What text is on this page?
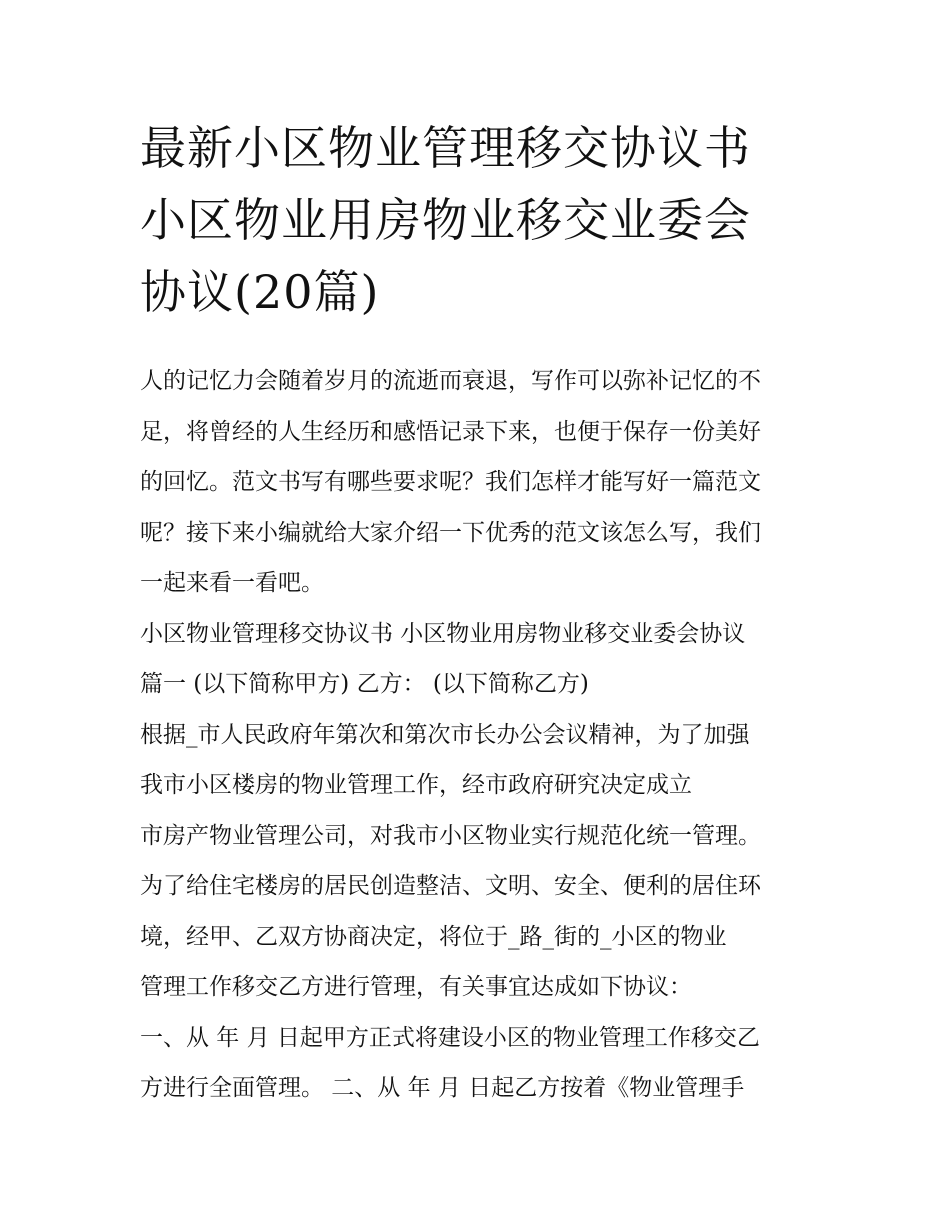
最新小区物业管理移交协议书
小区物业用房物业移交业委会
协议(20篇)
人的记忆力会随着岁月的流逝而衰退，写作可以弥补记忆的不
足，将曾经的人生经历和感悟记录下来，也便于保存一份美好
的回忆。范文书写有哪些要求呢？我们怎样才能写好一篇范文
呢？接下来小编就给大家介绍一下优秀的范文该怎么写，我们
一起来看一看吧。
小区物业管理移交协议书 小区物业用房物业移交业委会协议
篇一 (以下简称甲方) 乙方： (以下简称乙方)
根据_市人民政府年第次和第次市长办公会议精神，为了加强
我市小区楼房的物业管理工作，经市政府研究决定成立
市房产物业管理公司，对我市小区物业实行规范化统一管理。
为了给住宅楼房的居民创造整洁、文明、安全、便利的居住环
境，经甲、乙双方协商决定，将位于_路_街的_小区的物业
管理工作移交乙方进行管理，有关事宜达成如下协议：
一、从 年 月 日起甲方正式将建设小区的物业管理工作移交乙
方进行全面管理。 二、从 年 月 日起乙方按着《物业管理手
